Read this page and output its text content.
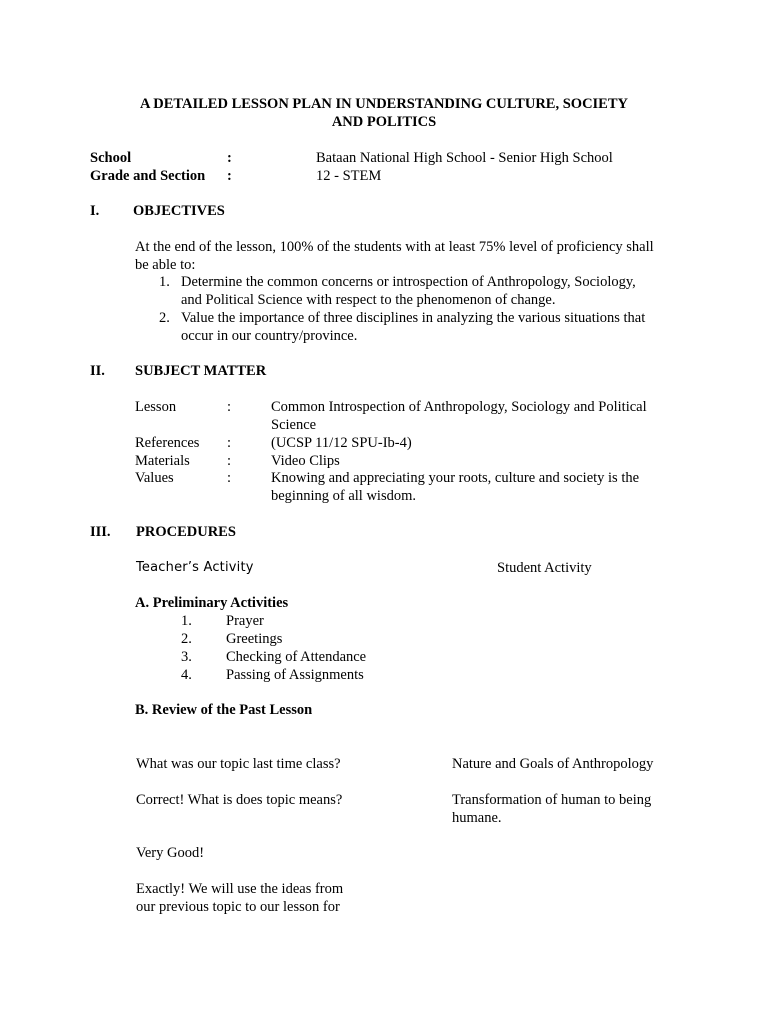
A DETAILED LESSON PLAN IN UNDERSTANDING CULTURE, SOCIETY
AND POLITICS
School	:	Bataan National High School - Senior High School
Grade and Section :	12 - STEM
I. OBJECTIVES
At the end of the lesson, 100% of the students with at least 75% level of proficiency shall
be able to:
1. Determine the common concerns or introspection of Anthropology, Sociology,
and Political Science with respect to the phenomenon of change.
2. Value the importance of three disciplines in analyzing the various situations that
occur in our country/province.
II. SUBJECT MATTER
Lesson	:	Common Introspection of Anthropology, Sociology and Political
Science
References :	(UCSP 11/12 SPU-Ib-4)
Materials	:	Video Clips
Values	:	Knowing and appreciating your roots, culture and society is the
beginning of all wisdom.
III. PROCEDURES
Teacher’s Activity	Student Activity
A. Preliminary Activities
1. Prayer
2. Greetings
3. Checking of Attendance
4. Passing of Assignments
B. Review of the Past Lesson
What was our topic last time class?	Nature and Goals of Anthropology
Correct! What is does topic means?	Transformation of human to being
humane.
Very Good!
Exactly! We will use the ideas from
our previous topic to our lesson for
